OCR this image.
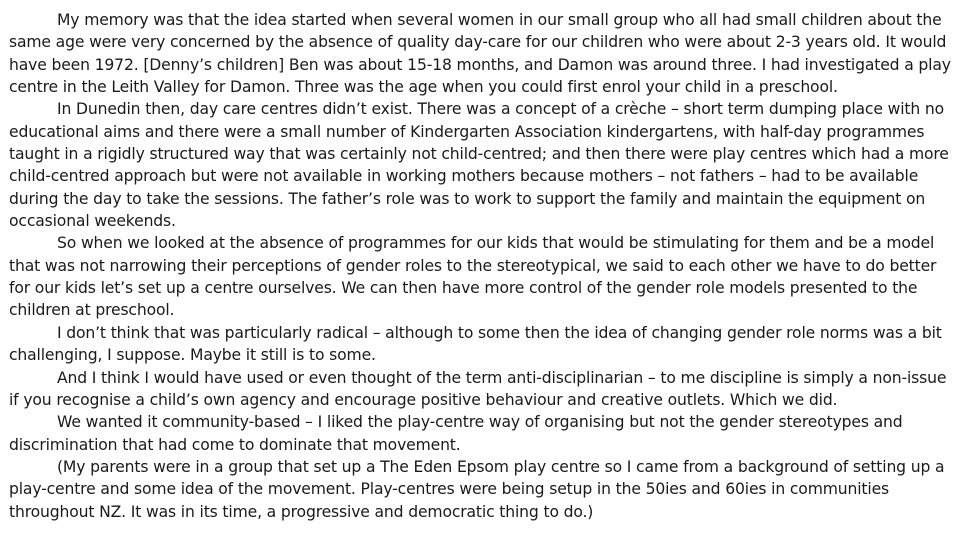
My memory was that the idea started when several women in our small group who all had small children about the same age were very concerned by the absence of quality day-care for our children who were about 2-3 years old. It would have been 1972. [Denny’s children] Ben was about 15-18 months, and Damon was around three. I had investigated a play centre in the Leith Valley for Damon. Three was the age when you could first enrol your child in a preschool.

In Dunedin then, day care centres didn’t exist. There was a concept of a crèche – short term dumping place with no educational aims and there were a small number of Kindergarten Association kindergartens, with half-day programmes taught in a rigidly structured way that was certainly not child-centred; and then there were play centres which had a more child-centred approach but were not available in working mothers because mothers – not fathers – had to be available during the day to take the sessions. The father’s role was to work to support the family and maintain the equipment on occasional weekends.

So when we looked at the absence of programmes for our kids that would be stimulating for them and be a model that was not narrowing their perceptions of gender roles to the stereotypical, we said to each other we have to do better for our kids let’s set up a centre ourselves. We can then have more control of the gender role models presented to the children at preschool.

I don’t think that was particularly radical – although to some then the idea of changing gender role norms was a bit challenging, I suppose. Maybe it still is to some.

And I think I would have used or even thought of the term anti-disciplinarian – to me discipline is simply a non-issue if you recognise a child’s own agency and encourage positive behaviour and creative outlets. Which we did.

We wanted it community-based – I liked the play-centre way of organising but not the gender stereotypes and discrimination that had come to dominate that movement.

(My parents were in a group that set up a The Eden Epsom play centre so I came from a background of setting up a play-centre and some idea of the movement. Play-centres were being setup in the 50ies and 60ies in communities throughout NZ. It was in its time, a progressive and democratic thing to do.)
